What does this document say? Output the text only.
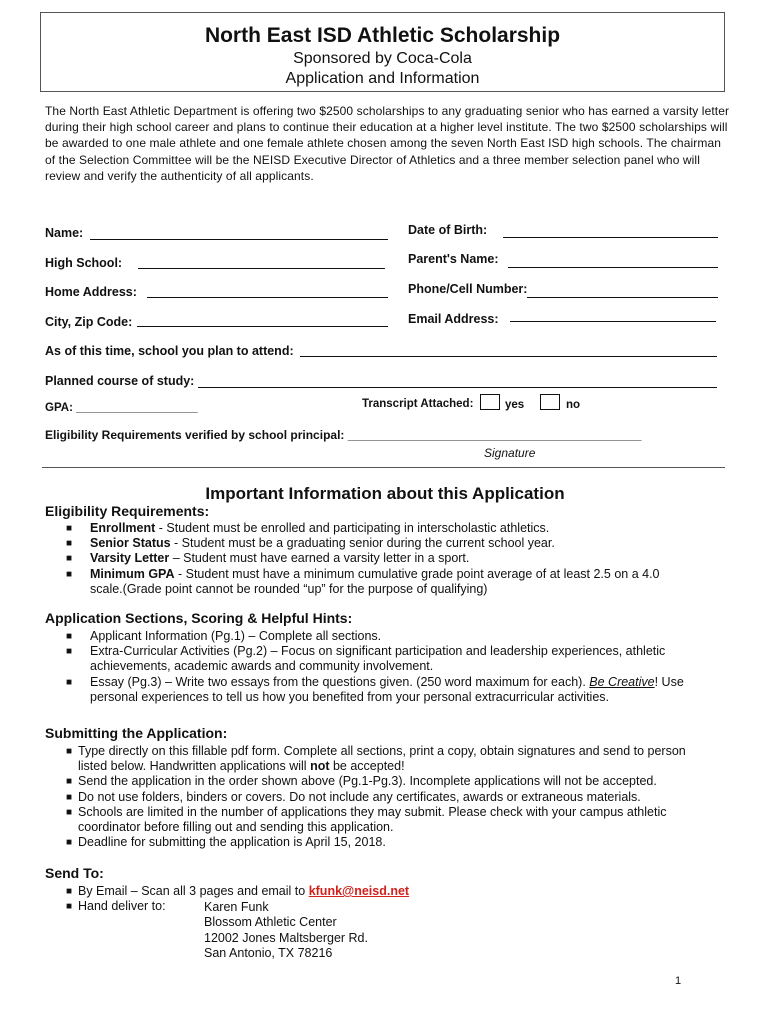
North East ISD Athletic Scholarship
Sponsored by Coca-Cola
Application and Information
The North East Athletic Department is offering two $2500 scholarships to any graduating senior who has earned a varsity letter during their high school career and plans to continue their education at a higher level institute. The two $2500 scholarships will be awarded to one male athlete and one female athlete chosen among the seven North East ISD high schools. The chairman of the Selection Committee will be the NEISD Executive Director of Athletics and a three member selection panel who will review and verify the authenticity of all applicants.
Name:	Date of Birth:
High School:	Parent's Name:
Home Address:	Phone/Cell Number:
City, Zip Code:	Email Address:
As of this time, school you plan to attend:
Planned course of study:
GPA: ___________________	Transcript Attached:	yes	no
Eligibility Requirements verified by school principal: ____________________________________________
Signature
Important Information about this Application
Eligibility Requirements:
■ Enrollment - Student must be enrolled and participating in interscholastic athletics.
■ Senior Status - Student must be a graduating senior during the current school year.
■ Varsity Letter – Student must have earned a varsity letter in a sport.
■ Minimum GPA - Student must have a minimum cumulative grade point average of at least 2.5 on a 4.0 scale.(Grade point cannot be rounded “up” for the purpose of qualifying)
Application Sections, Scoring & Helpful Hints:
■ Applicant Information (Pg.1) – Complete all sections.
■ Extra-Curricular Activities (Pg.2) – Focus on significant participation and leadership experiences, athletic achievements, academic awards and community involvement.
■ Essay (Pg.3) – Write two essays from the questions given. (250 word maximum for each). Be Creative! Use personal experiences to tell us how you benefited from your personal extracurricular activities.
Submitting the Application:
■ Type directly on this fillable pdf form. Complete all sections, print a copy, obtain signatures and send to person listed below. Handwritten applications will not be accepted!
■ Send the application in the order shown above (Pg.1-Pg.3). Incomplete applications will not be accepted.
■ Do not use folders, binders or covers. Do not include any certificates, awards or extraneous materials.
■ Schools are limited in the number of applications they may submit. Please check with your campus athletic coordinator before filling out and sending this application.
■ Deadline for submitting the application is April 15, 2018.
Send To:
■ By Email – Scan all 3 pages and email to kfunk@neisd.net
■ Hand deliver to:	Karen Funk
Blossom Athletic Center
12002 Jones Maltsberger Rd.
San Antonio, TX 78216
1
